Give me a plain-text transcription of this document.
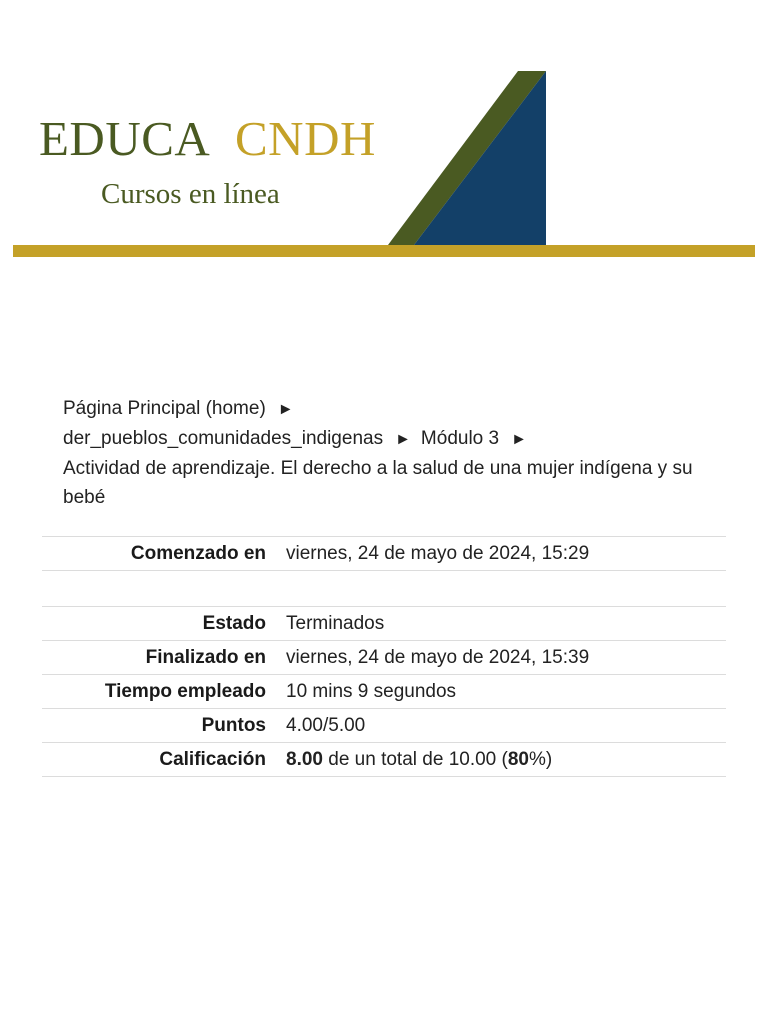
EDUCA CNDH
Cursos en línea
Página Principal (home) ►
der_pueblos_comunidades_indigenas ► Módulo 3 ►
Actividad de aprendizaje. El derecho a la salud de una mujer indígena y su bebé
Comenzado en	viernes, 24 de mayo de 2024, 15:29

Estado	Terminados
Finalizado en	viernes, 24 de mayo de 2024, 15:39
Tiempo empleado	10 mins 9 segundos
Puntos	4.00/5.00
Calificación	8.00 de un total de 10.00 (80%)
